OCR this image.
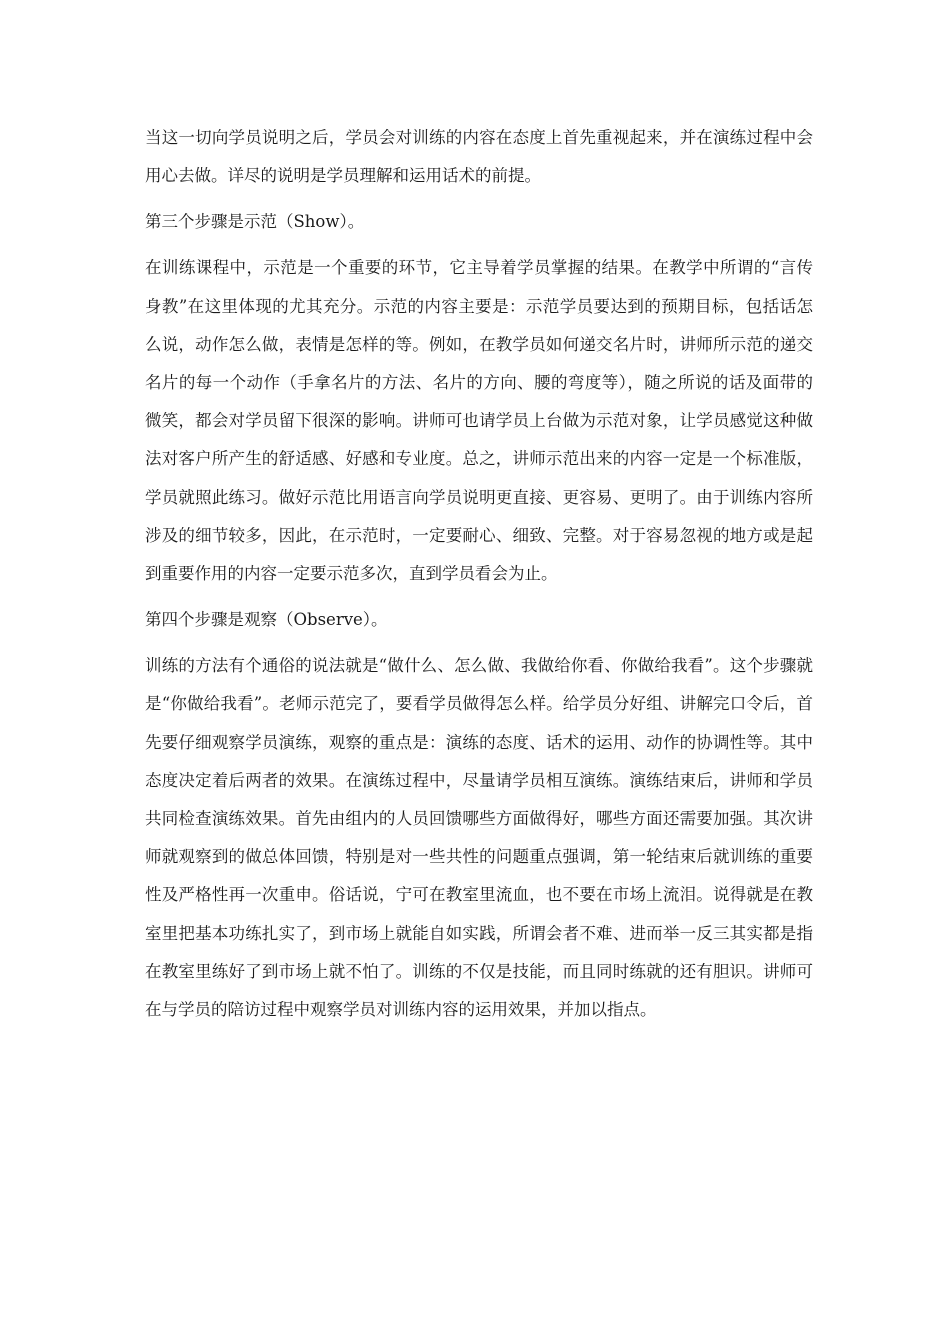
当这一切向学员说明之后，学员会对训练的内容在态度上首先重视起来，并在演练过程中会用心去做。详尽的说明是学员理解和运用话术的前提。

第三个步骤是示范（Show）。

在训练课程中，示范是一个重要的环节，它主导着学员掌握的结果。在教学中所谓的“言传身教”在这里体现的尤其充分。示范的内容主要是：示范学员要达到的预期目标，包括话怎么说，动作怎么做，表情是怎样的等。例如，在教学员如何递交名片时，讲师所示范的递交名片的每一个动作（手拿名片的方法、名片的方向、腰的弯度等），随之所说的话及面带的微笑，都会对学员留下很深的影响。讲师可也请学员上台做为示范对象，让学员感觉这种做法对客户所产生的舒适感、好感和专业度。总之，讲师示范出来的内容一定是一个标准版，学员就照此练习。做好示范比用语言向学员说明更直接、更容易、更明了。由于训练内容所涉及的细节较多，因此，在示范时，一定要耐心、细致、完整。对于容易忽视的地方或是起到重要作用的内容一定要示范多次，直到学员看会为止。

第四个步骤是观察（Observe）。

训练的方法有个通俗的说法就是“做什么、怎么做、我做给你看、你做给我看”。这个步骤就是“你做给我看”。老师示范完了，要看学员做得怎么样。给学员分好组、讲解完口令后，首先要仔细观察学员演练，观察的重点是：演练的态度、话术的运用、动作的协调性等。其中态度决定着后两者的效果。在演练过程中，尽量请学员相互演练。演练结束后，讲师和学员共同检查演练效果。首先由组内的人员回馈哪些方面做得好，哪些方面还需要加强。其次讲师就观察到的做总体回馈，特别是对一些共性的问题重点强调，第一轮结束后就训练的重要性及严格性再一次重申。俗话说，宁可在教室里流血，也不要在市场上流泪。说得就是在教室里把基本功练扎实了，到市场上就能自如实践，所谓会者不难、进而举一反三其实都是指在教室里练好了到市场上就不怕了。训练的不仅是技能，而且同时练就的还有胆识。讲师可在与学员的陪访过程中观察学员对训练内容的运用效果，并加以指点。
